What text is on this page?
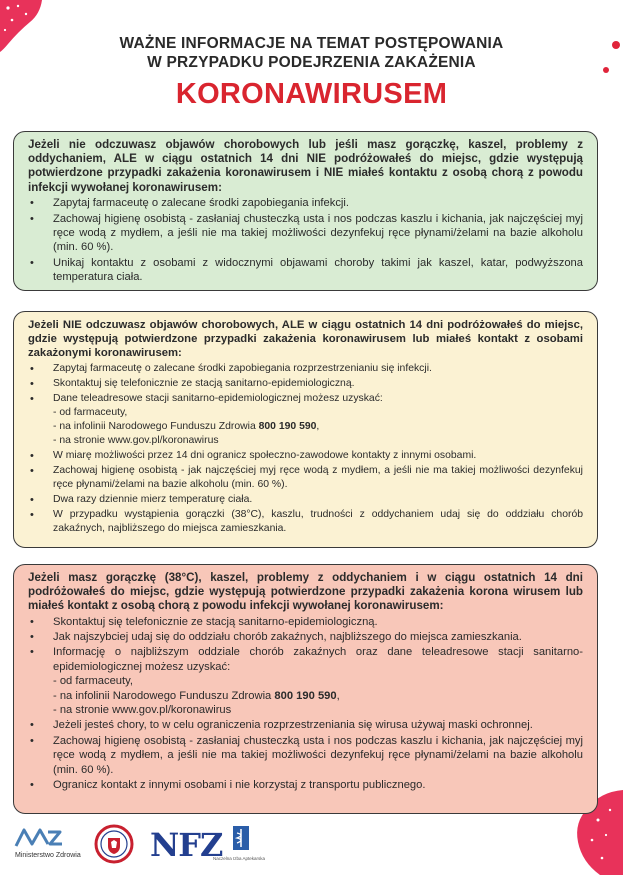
WAŻNE INFORMACJE NA TEMAT POSTĘPOWANIA
W PRZYPADKU PODEJRZENIA ZAKAŻENIA
KORONAWIRUSEM

Jeżeli nie odczuwasz objawów chorobowych lub jeśli masz gorączkę, kaszel, problemy z oddychaniem, ALE w ciągu ostatnich 14 dni NIE podróżowałeś do miejsc, gdzie występują potwierdzone przypadki zakażenia koronawirusem i NIE miałeś kontaktu z osobą chorą z powodu infekcji wywołanej koronawirusem:

• Zapytaj farmaceutę o zalecane środki zapobiegania infekcji.
• Zachowaj higienę osobistą - zasłaniaj chusteczką usta i nos podczas kaszlu i kichania, jak najczęściej myj ręce wodą z mydłem, a jeśli nie ma takiej możliwości dezynfekuj ręce płynami/żelami na bazie alkoholu (min. 60 %).
• Unikaj kontaktu z osobami z widocznymi objawami choroby takimi jak kaszel, katar, podwyższona temperatura ciała.

Jeżeli NIE odczuwasz objawów chorobowych, ALE w ciągu ostatnich 14 dni podróżowałeś do miejsc, gdzie występują potwierdzone przypadki zakażenia koronawirusem lub miałeś kontakt z osobami zakażonymi koronawirusem:

• Zapytaj farmaceutę o zalecane środki zapobiegania rozprzestrzenianiu się infekcji.
• Skontaktuj się telefonicznie ze stacją sanitarno-epidemiologiczną.
• Dane teleadresowe stacji sanitarno-epidemiologicznej możesz uzyskać:
- od farmaceuty,
- na infolinii Narodowego Funduszu Zdrowia 800 190 590,
- na stronie www.gov.pl/koronawirus
• W miarę możliwości przez 14 dni ogranicz społeczno-zawodowe kontakty z innymi osobami.
• Zachowaj higienę osobistą - jak najczęściej myj ręce wodą z mydłem, a jeśli nie ma takiej możliwości dezynfekuj ręce płynami/żelami na bazie alkoholu (min. 60 %).
• Dwa razy dziennie mierz temperaturę ciała.
• W przypadku wystąpienia gorączki (38°C), kaszlu, trudności z oddychaniem udaj się do oddziału chorób zakaźnych, najbliższego do miejsca zamieszkania.

Jeżeli masz gorączkę (38°C), kaszel, problemy z oddychaniem i w ciągu ostatnich 14 dni podróżowałeś do miejsc, gdzie występują potwierdzone przypadki zakażenia korona wirusem lub miałeś kontakt z osobą chorą z powodu infekcji wywołanej koronawirusem:

• Skontaktuj się telefonicznie ze stacją sanitarno-epidemiologiczną.
• Jak najszybciej udaj się do oddziału chorób zakaźnych, najbliższego do miejsca zamieszkania.
• Informację o najbliższym oddziale chorób zakaźnych oraz dane teleadresowe stacji sanitarno-epidemiologicznej możesz uzyskać:
- od farmaceuty,
- na infolinii Narodowego Funduszu Zdrowia 800 190 590,
- na stronie www.gov.pl/koronawirus
• Jeżeli jesteś chory, to w celu ograniczenia rozprzestrzeniania się wirusa używaj maski ochronnej.
• Zachowaj higienę osobistą - zasłaniaj chusteczką usta i nos podczas kaszlu i kichania, jak najczęściej myj ręce wodą z mydłem, a jeśli nie ma takiej możliwości dezynfekuj ręce płynami/żelami na bazie alkoholu (min. 60 %).
• Ogranicz kontakt z innymi osobami i nie korzystaj z transportu publicznego.
Ministerstwo Zdrowia NFZ
Naczelna Izba Aptekarska
